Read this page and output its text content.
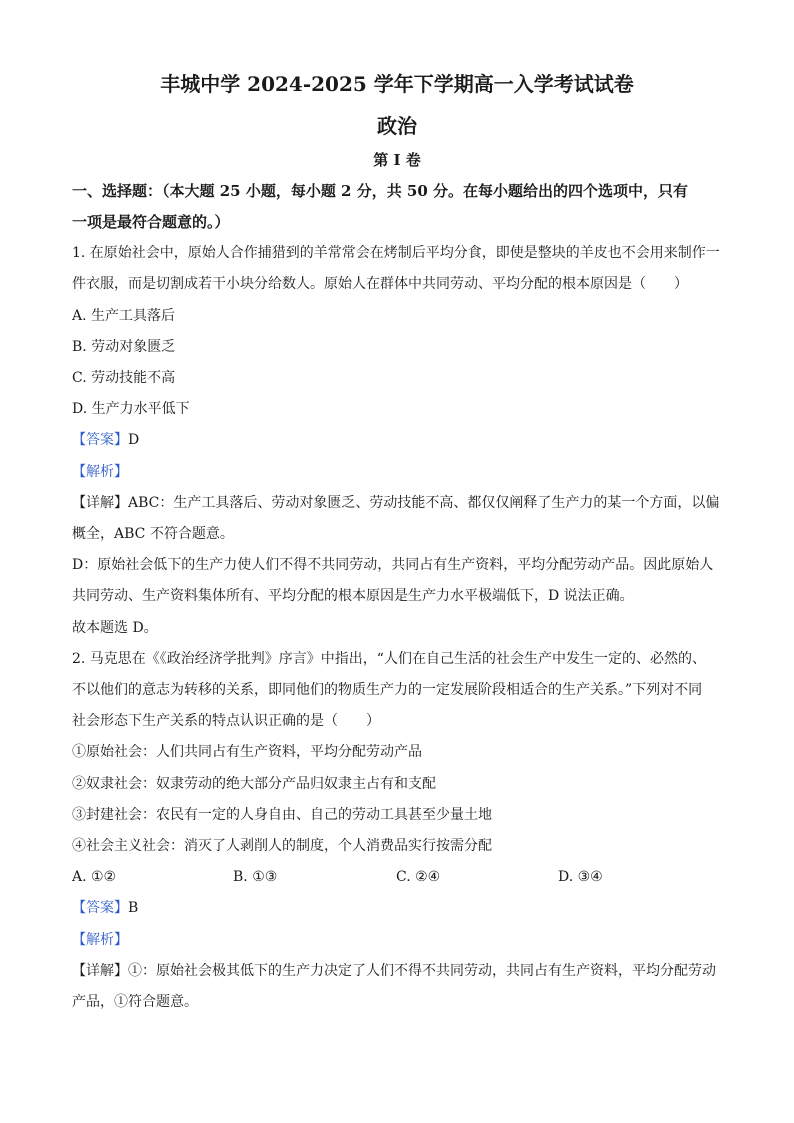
丰城中学 2024-2025 学年下学期高一入学考试试卷
政治
第 I 卷
一、选择题：（本大题 25 小题，每小题 2 分，共 50 分。在每小题给出的四个选项中，只有
一项是最符合题意的。）
1. 在原始社会中，原始人合作捕猎到的羊常常会在烤制后平均分食，即使是整块的羊皮也不会用来制作一
件衣服，而是切割成若干小块分给数人。原始人在群体中共同劳动、平均分配的根本原因是（　　）
A. 生产工具落后
B. 劳动对象匮乏
C. 劳动技能不高
D. 生产力水平低下
【答案】D
【解析】
【详解】ABC：生产工具落后、劳动对象匮乏、劳动技能不高、都仅仅阐释了生产力的某一个方面，以偏
概全，ABC 不符合题意。
D：原始社会低下的生产力使人们不得不共同劳动，共同占有生产资料，平均分配劳动产品。因此原始人
共同劳动、生产资料集体所有、平均分配的根本原因是生产力水平极端低下，D 说法正确。
故本题选 D。
2. 马克思在《《政治经济学批判》序言》中指出，“人们在自己生活的社会生产中发生一定的、必然的、
不以他们的意志为转移的关系，即同他们的物质生产力的一定发展阶段相适合的生产关系。”下列对不同
社会形态下生产关系的特点认识正确的是（　　）
①原始社会：人们共同占有生产资料，平均分配劳动产品
②奴隶社会：奴隶劳动的绝大部分产品归奴隶主占有和支配
③封建社会：农民有一定的人身自由、自己的劳动工具甚至少量土地
④社会主义社会：消灭了人剥削人的制度，个人消费品实行按需分配
A. ①②	B. ①③	C. ②④	D. ③④
【答案】B
【解析】
【详解】①：原始社会极其低下的生产力决定了人们不得不共同劳动，共同占有生产资料，平均分配劳动
产品，①符合题意。
